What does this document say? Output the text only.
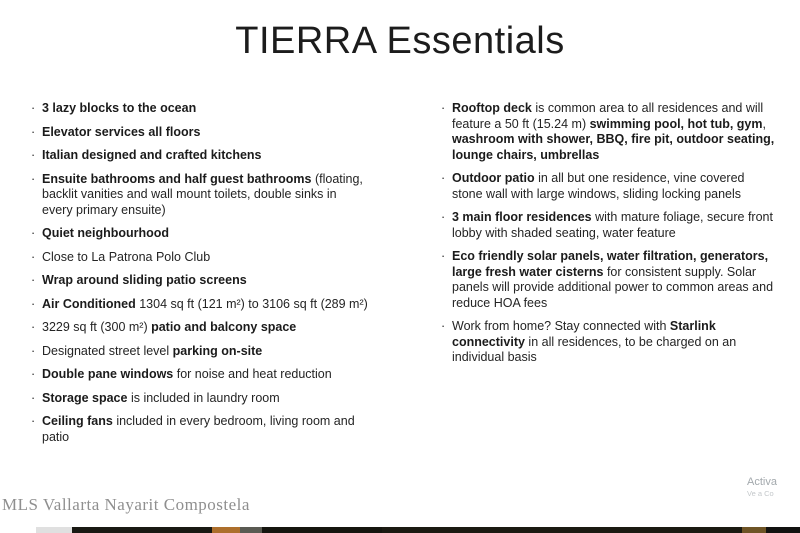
TIERRA Essentials
· 3 lazy blocks to the ocean
· Elevator services all floors
· Italian designed and crafted kitchens
· Ensuite bathrooms and half guest bathrooms (floating, backlit vanities and wall mount toilets, double sinks in every primary ensuite)
· Quiet neighbourhood
· Close to La Patrona Polo Club
· Wrap around sliding patio screens
· Air Conditioned 1304 sq ft (121 m²) to 3106 sq ft (289 m²)
· 3229 sq ft (300 m²) patio and balcony space
· Designated street level parking on-site
· Double pane windows for noise and heat reduction
· Storage space is included in laundry room
· Ceiling fans included in every bedroom, living room and patio
· Rooftop deck is common area to all residences and will feature a 50 ft (15.24 m) swimming pool, hot tub, gym, washroom with shower, BBQ, fire pit, outdoor seating, lounge chairs, umbrellas
· Outdoor patio in all but one residence, vine covered stone wall with large windows, sliding locking panels
· 3 main floor residences with mature foliage, secure front lobby with shaded seating, water feature
· Eco friendly solar panels, water filtration, generators, large fresh water cisterns for consistent supply. Solar panels will provide additional power to common areas and reduce HOA fees
· Work from home? Stay connected with Starlink connectivity in all residences, to be charged on an individual basis
MLS Vallarta Nayarit Compostela
Activa
Ve a Co
